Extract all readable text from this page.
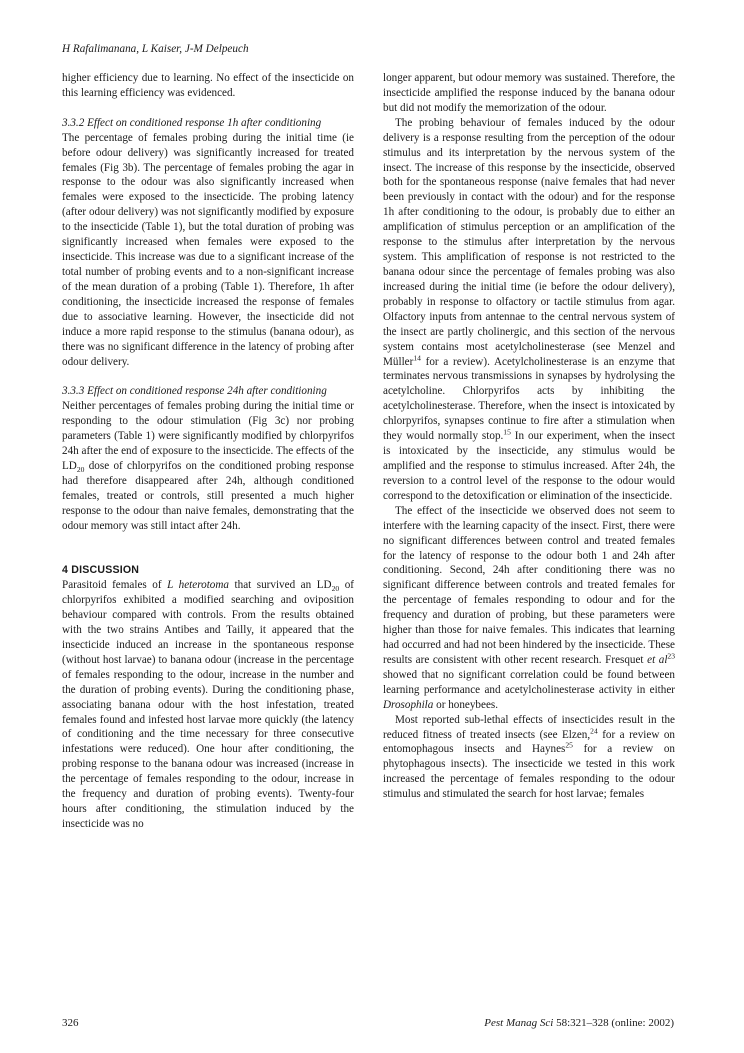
H Rafalimanana, L Kaiser, J-M Delpeuch

higher efficiency due to learning. No effect of the insecticide on this learning efficiency was evidenced.

3.3.2 Effect on conditioned response 1h after conditioning

The percentage of females probing during the initial time (ie before odour delivery) was significantly increased for treated females (Fig 3b). The percentage of females probing the agar in response to the odour was also significantly increased when females were exposed to the insecticide. The probing latency (after odour delivery) was not significantly modified by exposure to the insecticide (Table 1), but the total duration of probing was significantly increased when females were exposed to the insecticide. This increase was due to a significant increase of the total number of probing events and to a non-significant increase of the mean duration of a probing (Table 1). Therefore, 1h after conditioning, the insecticide increased the response of females due to associative learning. However, the insecticide did not induce a more rapid response to the stimulus (banana odour), as there was no significant difference in the latency of probing after odour delivery.

3.3.3 Effect on conditioned response 24h after conditioning

Neither percentages of females probing during the initial time or responding to the odour stimulation (Fig 3c) nor probing parameters (Table 1) were significantly modified by chlorpyrifos 24h after the end of exposure to the insecticide. The effects of the $LD_{20}$ dose of chlorpyrifos on the conditioned probing response had therefore disappeared after 24h, although conditioned females, treated or controls, still presented a much higher response to the odour than naive females, demonstrating that the odour memory was still intact after 24h.

4 DISCUSSION

Parasitoid females of L heterotoma that survived an $LD_{20}$ of chlorpyrifos exhibited a modified searching and oviposition behaviour compared with controls. From the results obtained with the two strains Antibes and Tailly, it appeared that the insecticide induced an increase in the spontaneous response (without host larvae) to banana odour (increase in the percentage of females responding to the odour, increase in the number and the duration of probing events). During the conditioning phase, associating banana odour with the host infestation, treated females found and infested host larvae more quickly (the latency of conditioning and the time necessary for three consecutive infestations were reduced). One hour after conditioning, the probing response to the banana odour was increased (increase in the percentage of females responding to the odour, increase in the frequency and duration of probing events). Twenty-four hours after conditioning, the stimulation induced by the insecticide was no

longer apparent, but odour memory was sustained. Therefore, the insecticide amplified the response induced by the banana odour but did not modify the memorization of the odour.

The probing behaviour of females induced by the odour delivery is a response resulting from the perception of the odour stimulus and its interpretation by the nervous system of the insect. The increase of this response by the insecticide, observed both for the spontaneous response (naive females that had never been previously in contact with the odour) and for the response 1h after conditioning to the odour, is probably due to either an amplification of stimulus perception or an amplification of the response to the stimulus after interpretation by the nervous system. This amplification of response is not restricted to the banana odour since the percentage of females probing was also increased during the initial time (ie before the odour delivery), probably in response to olfactory or tactile stimulus from agar. Olfactory inputs from antennae to the central nervous system of the insect are partly cholinergic, and this section of the nervous system contains most acetylcholinesterase (see Menzel and Müller$^{14}$ for a review). Acetylcholinesterase is an enzyme that terminates nervous transmissions in synapses by hydrolysing the acetylcholine. Chlorpyrifos acts by inhibiting the acetylcholinesterase. Therefore, when the insect is intoxicated by chlorpyrifos, synapses continue to fire after a stimulation when they would normally stop.$^{15}$ In our experiment, when the insect is intoxicated by the insecticide, any stimulus would be amplified and the response to stimulus increased. After 24h, the reversion to a control level of the response to the odour would correspond to the detoxification or elimination of the insecticide.

The effect of the insecticide we observed does not seem to interfere with the learning capacity of the insect. First, there were no significant differences between control and treated females for the latency of response to the odour both 1 and 24h after conditioning. Second, 24h after conditioning there was no significant difference between controls and treated females for the percentage of females responding to odour and for the frequency and duration of probing, but these parameters were higher than those for naive females. This indicates that learning had occurred and had not been hindered by the insecticide. These results are consistent with other recent research. Fresquet et $al^{23}$ showed that no significant correlation could be found between learning performance and acetylcholinesterase activity in either Drosophila or honeybees.

Most reported sub-lethal effects of insecticides result in the reduced fitness of treated insects (see Elzen,$^{24}$ for a review on entomophagous insects and Haynes$^{25}$ for a review on phytophagous insects). The insecticide we tested in this work increased the percentage of females responding to the odour stimulus and stimulated the search for host larvae; females

326	Pest Manag Sci 58:321–328 (online: 2002)
